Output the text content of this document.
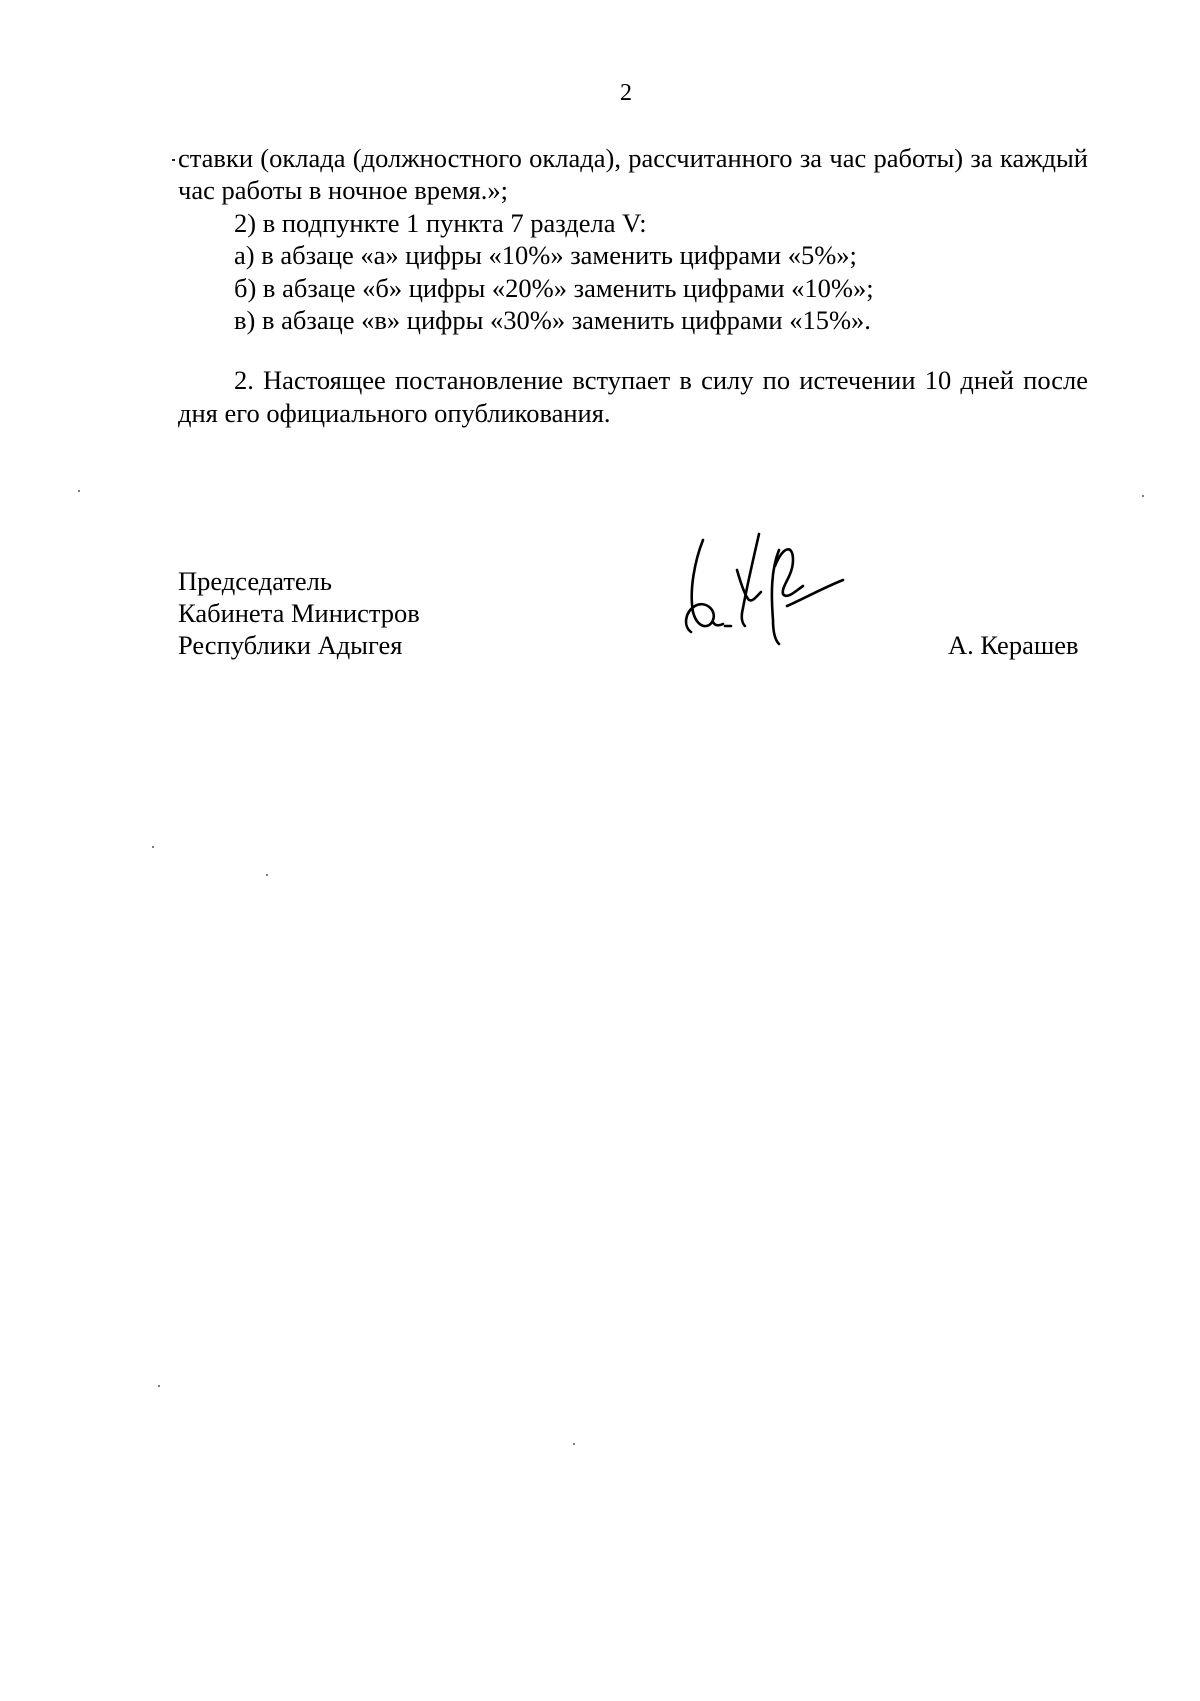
2

ставки (оклада (должностного оклада), рассчитанного за час работы) за каждый час работы в ночное время.»;

2) в подпункте 1 пункта 7 раздела V:

а) в абзаце «а» цифры «10%» заменить цифрами «5%»;

б) в абзаце «б» цифры «20%» заменить цифрами «10%»;

в) в абзаце «в» цифры «30%» заменить цифрами «15%».

2. Настоящее постановление вступает в силу по истечении 10 дней после дня его официального опубликования.

Председатель
Кабинета Министров
Республики Адыгея	А. Керашев
